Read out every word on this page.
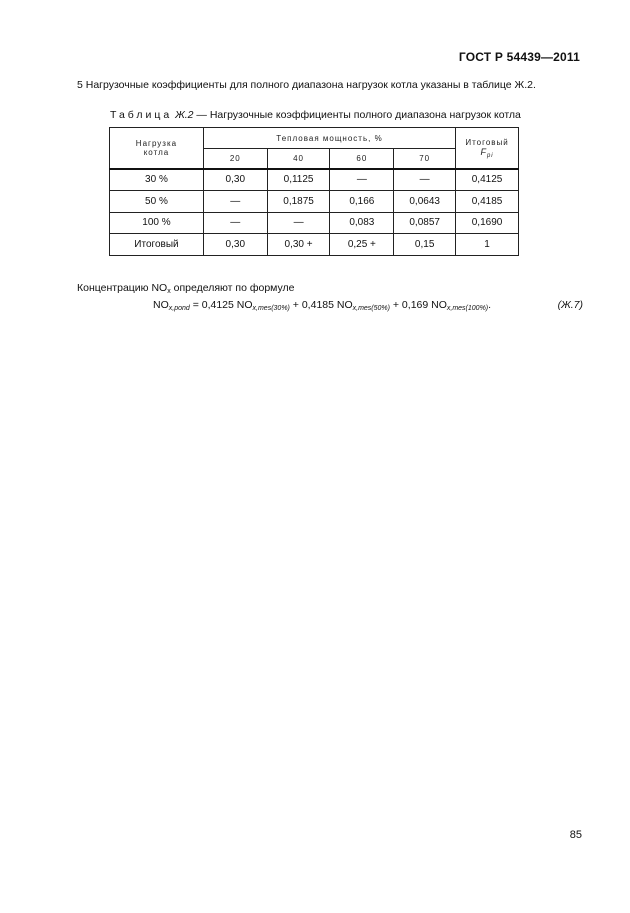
ГОСТ Р 54439—2011
5 Нагрузочные коэффициенты для полного диапазона нагрузок котла указаны в таблице Ж.2.
Таблица Ж.2 — Нагрузочные коэффициенты полного диапазона нагрузок котла
Нагрузка котла	Тепловая мощность, %				Итоговый
$F_{pi}$

	20	40	60	70	
30 %	0,30	0,1125	—	—	0,4125
50 %	—	0,1875	0,166	0,0643	0,4185
100 %	—	—	0,083	0,0857	0,1690
Итоговый	0,30	0,30 +	0,25 +	0,15	1
Концентрацию $NO_x$ определяют по формуле
$NO_{x,pond} = 0,4125$ $NO_{x,mes(30\%)} + 0,4185$ $NO_{x,mes(50\%)} + 0,169$ $NO_{x,mes(100\%)}$.	(Ж.7)
85
